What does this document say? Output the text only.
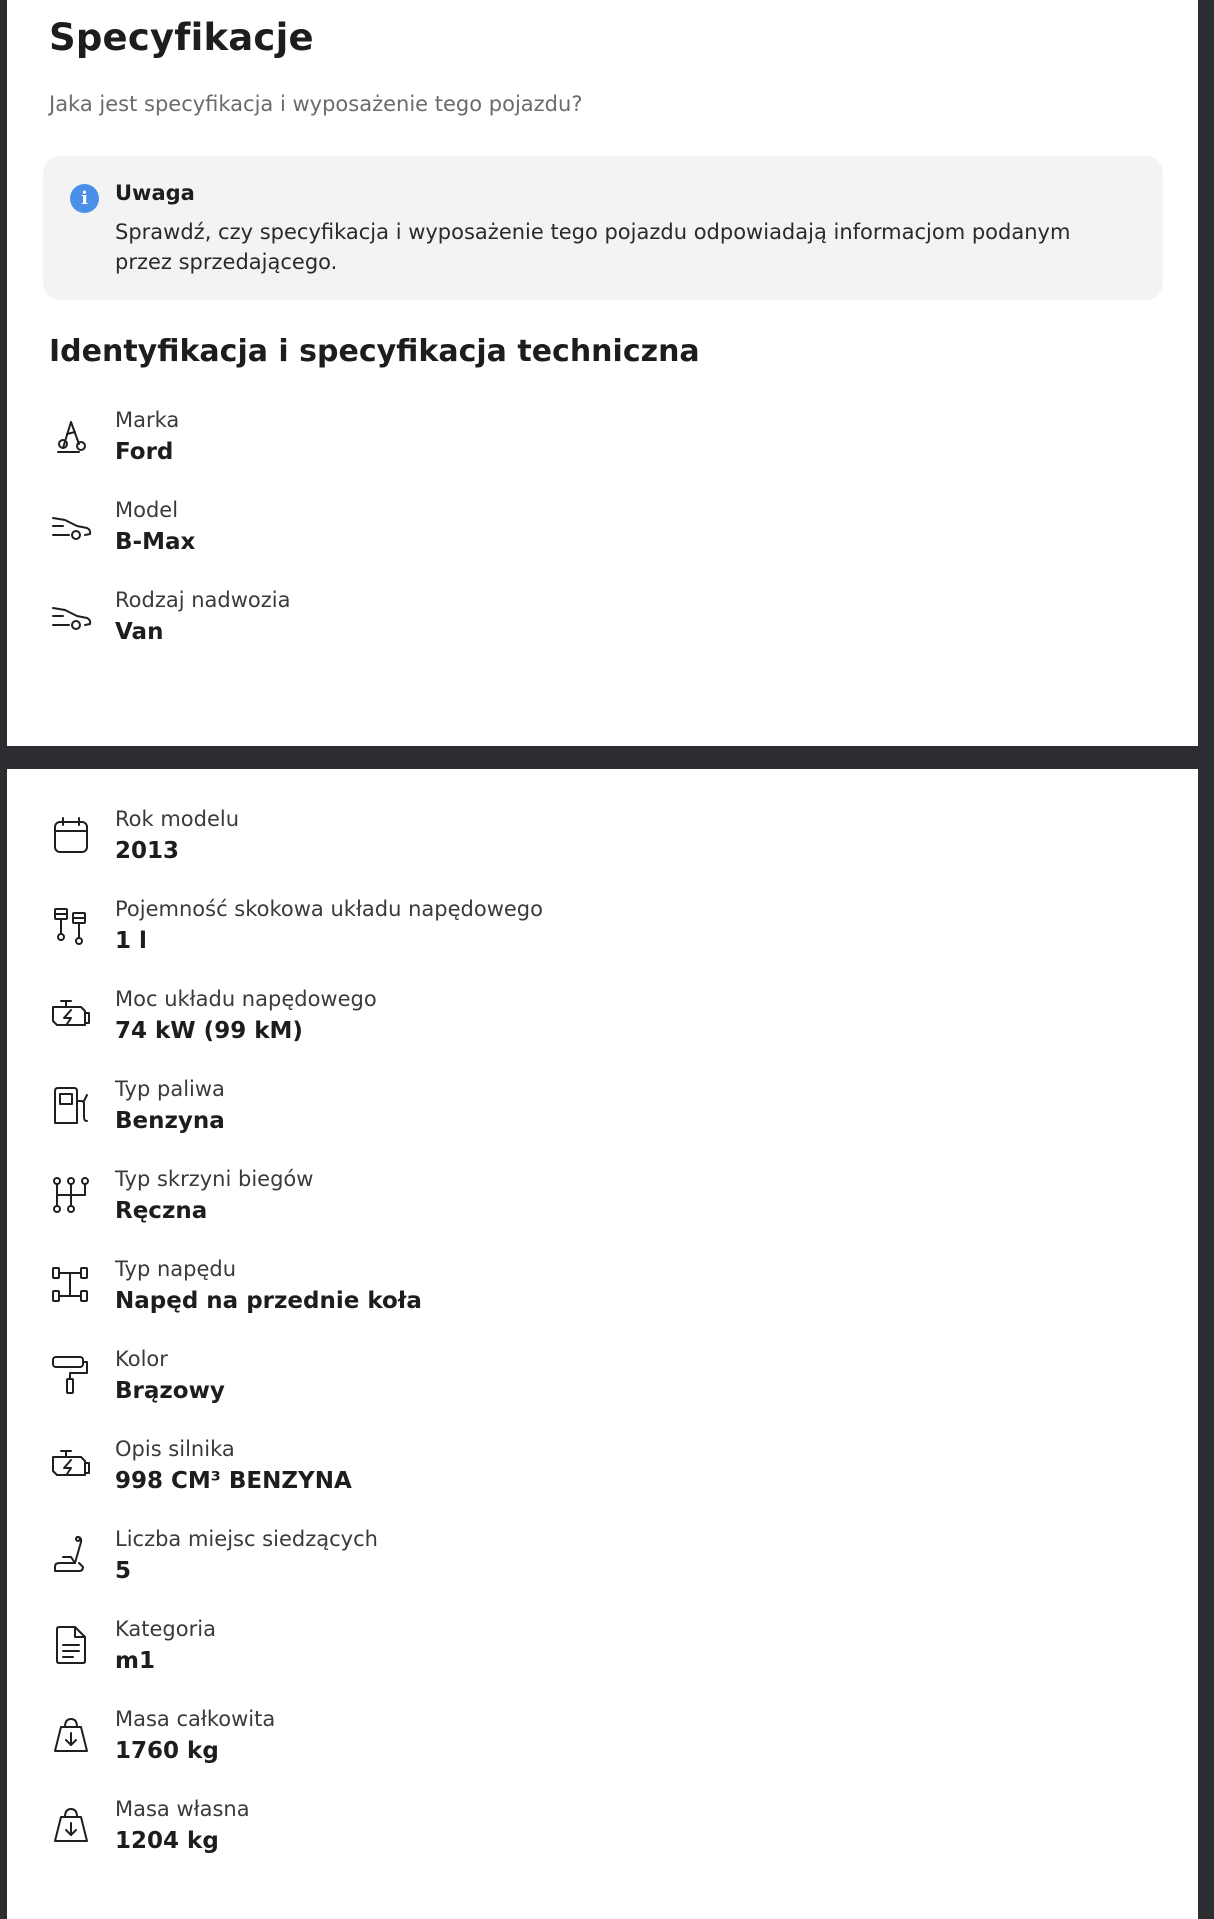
Specyfikacje

Jaka jest specyfikacja i wyposażenie tego pojazdu?

i	Uwaga
Sprawdź, czy specyfikacja i wyposażenie tego pojazdu odpowiadają informacjom podanym przez sprzedającego.
Identyfikacja i specyfikacja techniczna
Marka
Ford
Model
B-Max
Rodzaj nadwozia
Van
Rok modelu
2013
Pojemność skokowa układu napędowego
1 l
Moc układu napędowego
74 kW (99 kM)
Typ paliwa
Benzyna
Typ skrzyni biegów
Ręczna
Typ napędu
Napęd na przednie koła
Kolor
Brązowy
Opis silnika
998 CM³ BENZYNA
Liczba miejsc siedzących
5
Kategoria
m1
Masa całkowita
1760 kg
Masa własna
1204 kg
otoMoto
